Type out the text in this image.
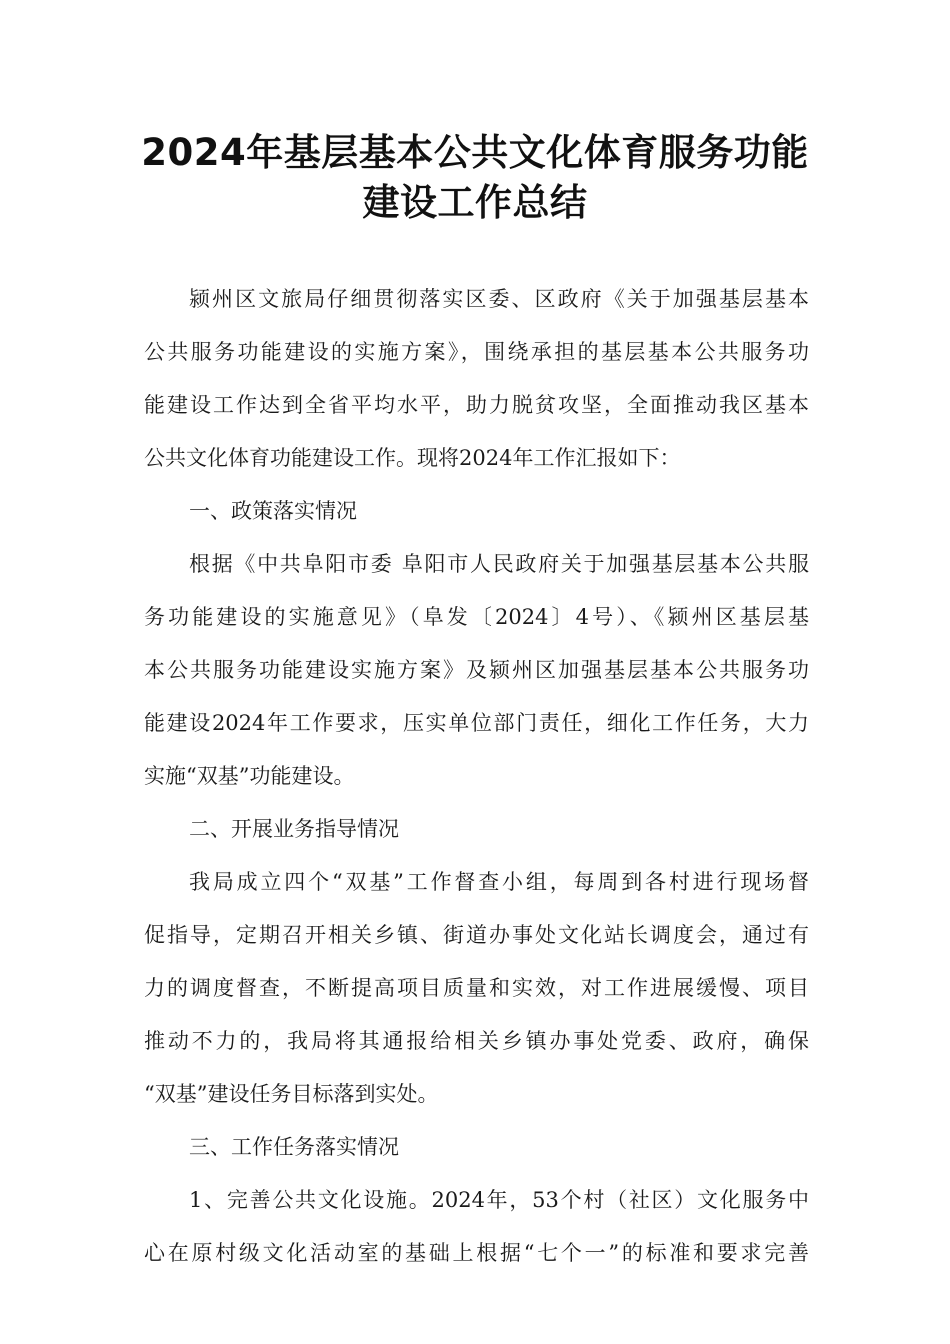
2024年基层基本公共文化体育服务功能
建设工作总结
颍州区文旅局仔细贯彻落实区委、区政府《关于加强基层基本
公共服务功能建设的实施方案》，围绕承担的基层基本公共服务功
能建设工作达到全省平均水平，助力脱贫攻坚，全面推动我区基本
公共文化体育功能建设工作。现将2024年工作汇报如下：
一、政策落实情况
根据《中共阜阳市委 阜阳市人民政府关于加强基层基本公共服
务功能建设的实施意见》（阜发〔2024〕4号）、《颍州区基层基
本公共服务功能建设实施方案》及颍州区加强基层基本公共服务功
能建设2024年工作要求，压实单位部门责任，细化工作任务，大力
实施“双基”功能建设。
二、开展业务指导情况
我局成立四个“双基”工作督查小组，每周到各村进行现场督
促指导，定期召开相关乡镇、街道办事处文化站长调度会，通过有
力的调度督查，不断提高项目质量和实效，对工作进展缓慢、项目
推动不力的，我局将其通报给相关乡镇办事处党委、政府，确保
“双基”建设任务目标落到实处。
三、工作任务落实情况
1、完善公共文化设施。2024年，53个村（社区）文化服务中
心在原村级文化活动室的基础上根据“七个一”的标准和要求完善
